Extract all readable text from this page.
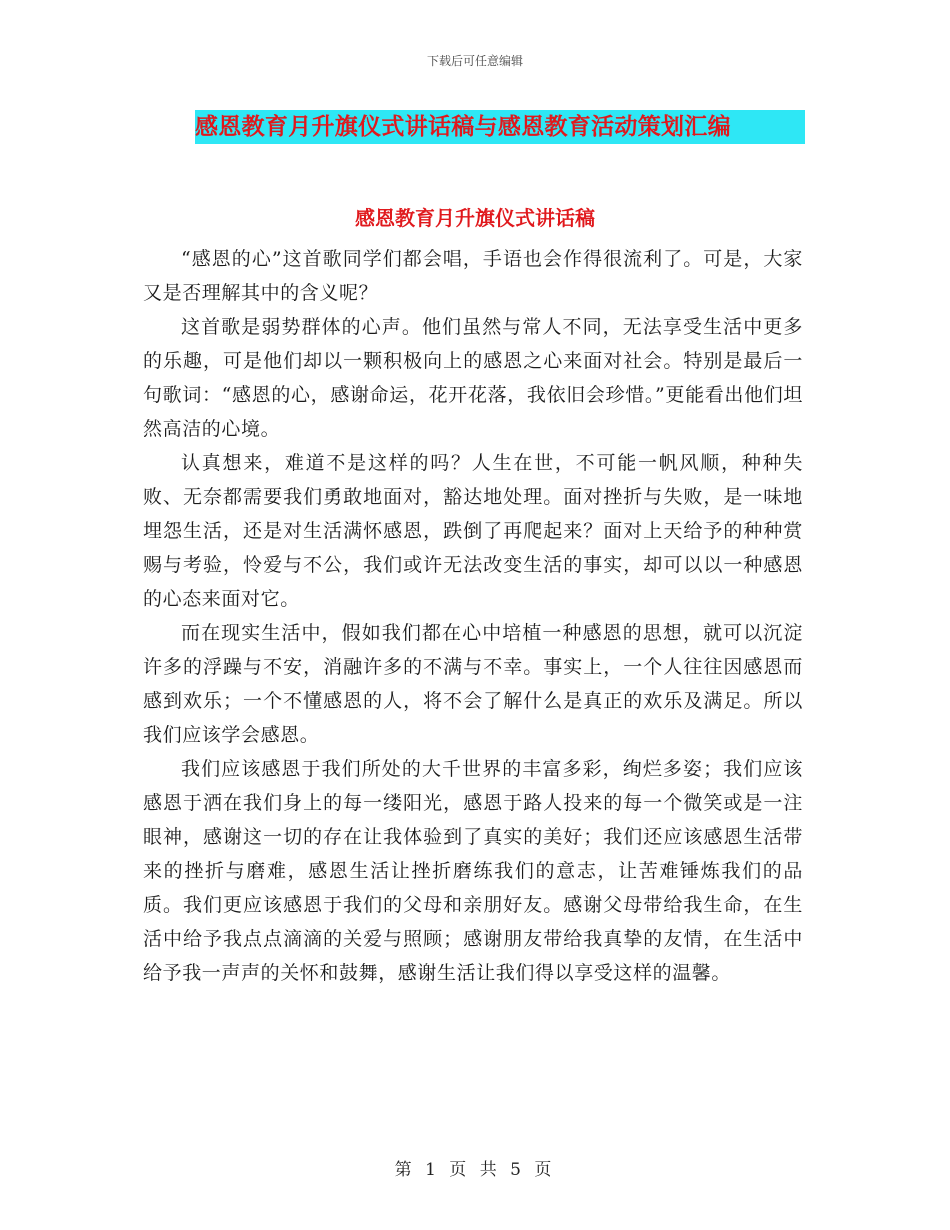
下载后可任意编辑
感恩教育月升旗仪式讲话稿与感恩教育活动策划汇编
感恩教育月升旗仪式讲话稿

“感恩的心”这首歌同学们都会唱，手语也会作得很流利了。可是，大家又是否理解其中的含义呢？

这首歌是弱势群体的心声。他们虽然与常人不同，无法享受生活中更多的乐趣，可是他们却以一颗积极向上的感恩之心来面对社会。特别是最后一句歌词：“感恩的心，感谢命运，花开花落，我依旧会珍惜。”更能看出他们坦然高洁的心境。

认真想来，难道不是这样的吗？人生在世，不可能一帆风顺，种种失败、无奈都需要我们勇敢地面对，豁达地处理。面对挫折与失败，是一味地埋怨生活，还是对生活满怀感恩，跌倒了再爬起来？面对上天给予的种种赏赐与考验，怜爱与不公，我们或许无法改变生活的事实，却可以以一种感恩的心态来面对它。

而在现实生活中，假如我们都在心中培植一种感恩的思想，就可以沉淀许多的浮躁与不安，消融许多的不满与不幸。事实上，一个人往往因感恩而感到欢乐；一个不懂感恩的人，将不会了解什么是真正的欢乐及满足。所以我们应该学会感恩。

我们应该感恩于我们所处的大千世界的丰富多彩，绚烂多姿；我们应该感恩于洒在我们身上的每一缕阳光，感恩于路人投来的每一个微笑或是一注眼神，感谢这一切的存在让我体验到了真实的美好；我们还应该感恩生活带来的挫折与磨难，感恩生活让挫折磨练我们的意志，让苦难锤炼我们的品质。我们更应该感恩于我们的父母和亲朋好友。感谢父母带给我生命，在生活中给予我点点滴滴的关爱与照顾；感谢朋友带给我真挚的友情，在生活中给予我一声声的关怀和鼓舞，感谢生活让我们得以享受这样的温馨。

第 1 页 共 5 页
